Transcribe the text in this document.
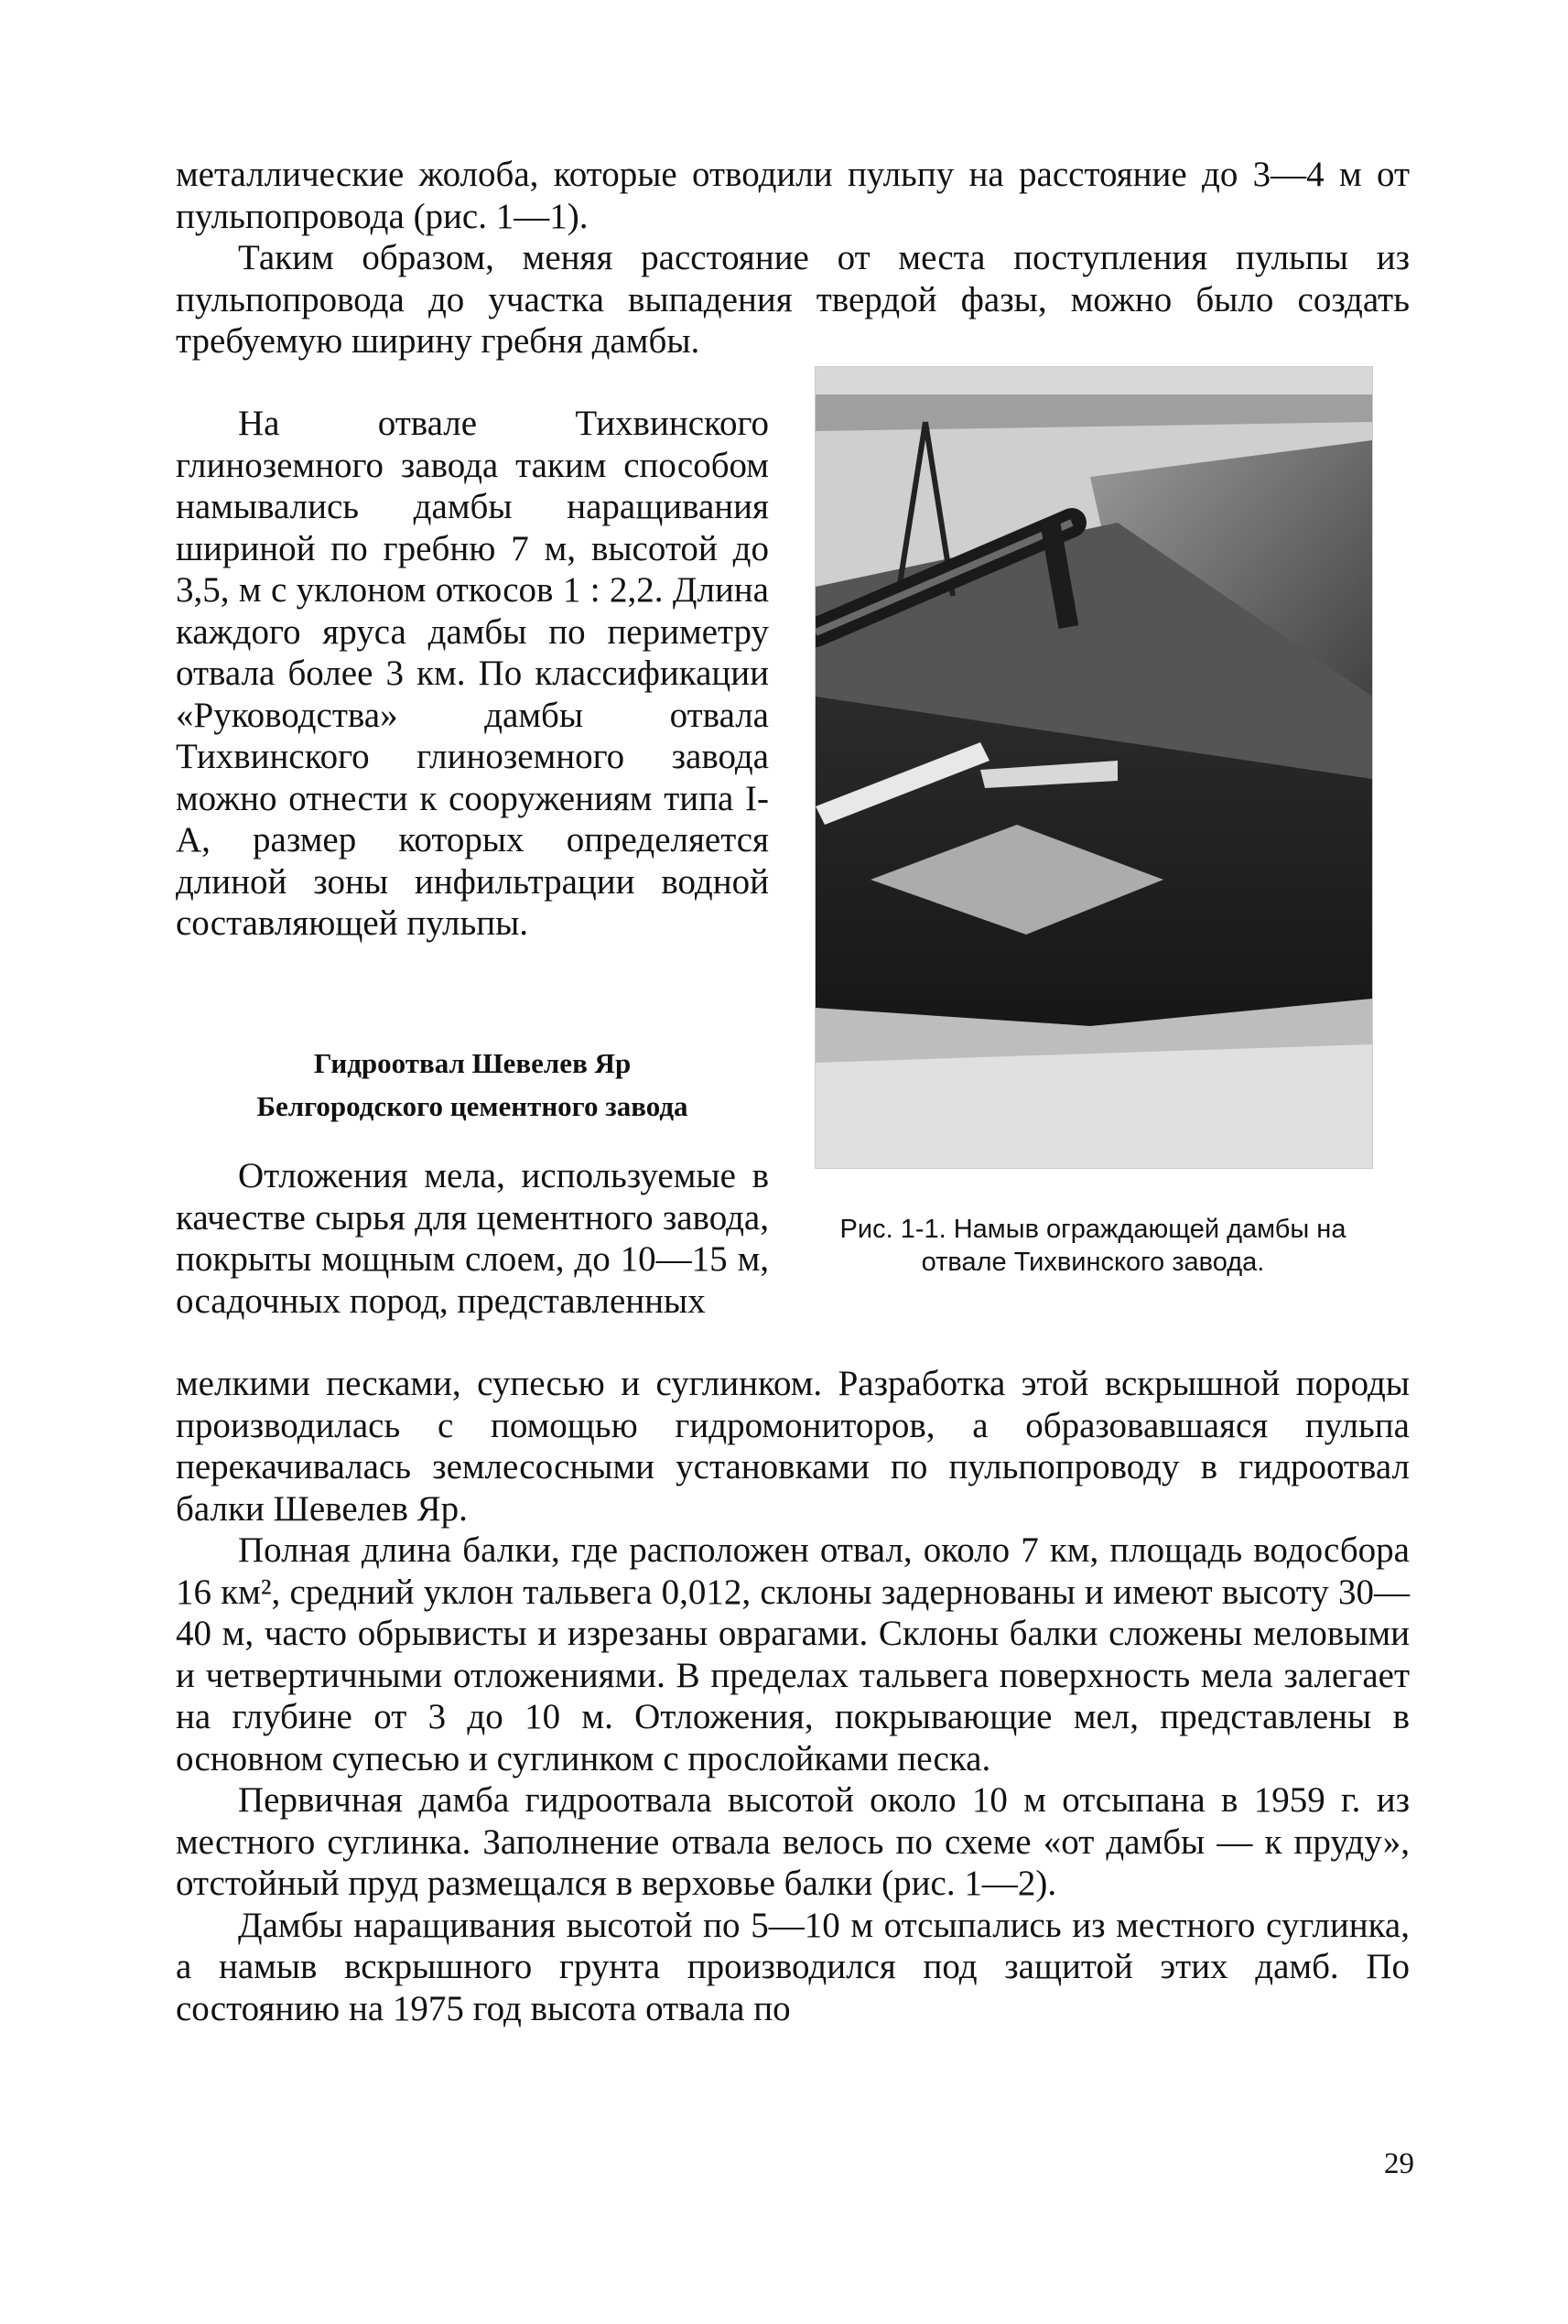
металлические жолоба, которые отводили пульпу на расстояние до 3—4 м от пульпопровода (рис. 1—1).

Таким образом, меняя расстояние от места поступления пульпы из пульпопровода до участка выпадения твердой фазы, можно было создать требуемую ширину гребня дамбы.

На отвале Тихвинского глиноземного завода таким способом намывались дамбы наращивания шириной по гребню 7 м, высотой до 3,5, м с уклоном откосов 1 : 2,2. Длина каждого яруса дамбы по периметру отвала более 3 км. По классификации «Руководства» дамбы отвала Тихвинского глиноземного завода можно отнести к сооружениям типа I-А, размер которых определяется длиной зоны инфильтрации водной составляющей пульпы.

Гидроотвал Шевелев Яр
Белгородского цементного завода

Отложения мела, используемые в качестве сырья для цементного завода, покрыты мощным слоем, до 10—15 м, осадочных пород, представленных

Рис. 1-1. Намыв ограждающей дамбы на отвале Тихвинского завода.

мелкими песками, супесью и суглинком. Разработка этой вскрышной породы производилась с помощью гидромониторов, а образовавшаяся пульпа перекачивалась землесосными установками по пульпопроводу в гидроотвал балки Шевелев Яр.

Полная длина балки, где расположен отвал, около 7 км, площадь водосбора 16 км², средний уклон тальвега 0,012, склоны задернованы и имеют высоту 30—40 м, часто обрывисты и изрезаны оврагами. Склоны балки сложены меловыми и четвертичными отложениями. В пределах тальвега поверхность мела залегает на глубине от 3 до 10 м. Отложения, покрывающие мел, представлены в основном супесью и суглинком с прослойками песка.

Первичная дамба гидроотвала высотой около 10 м отсыпана в 1959 г. из местного суглинка. Заполнение отвала велось по схеме «от дамбы — к пруду», отстойный пруд размещался в верховье балки (рис. 1—2).

Дамбы наращивания высотой по 5—10 м отсыпались из местного суглинка, а намыв вскрышного грунта производился под защитой этих дамб. По состоянию на 1975 год высота отвала по

29
